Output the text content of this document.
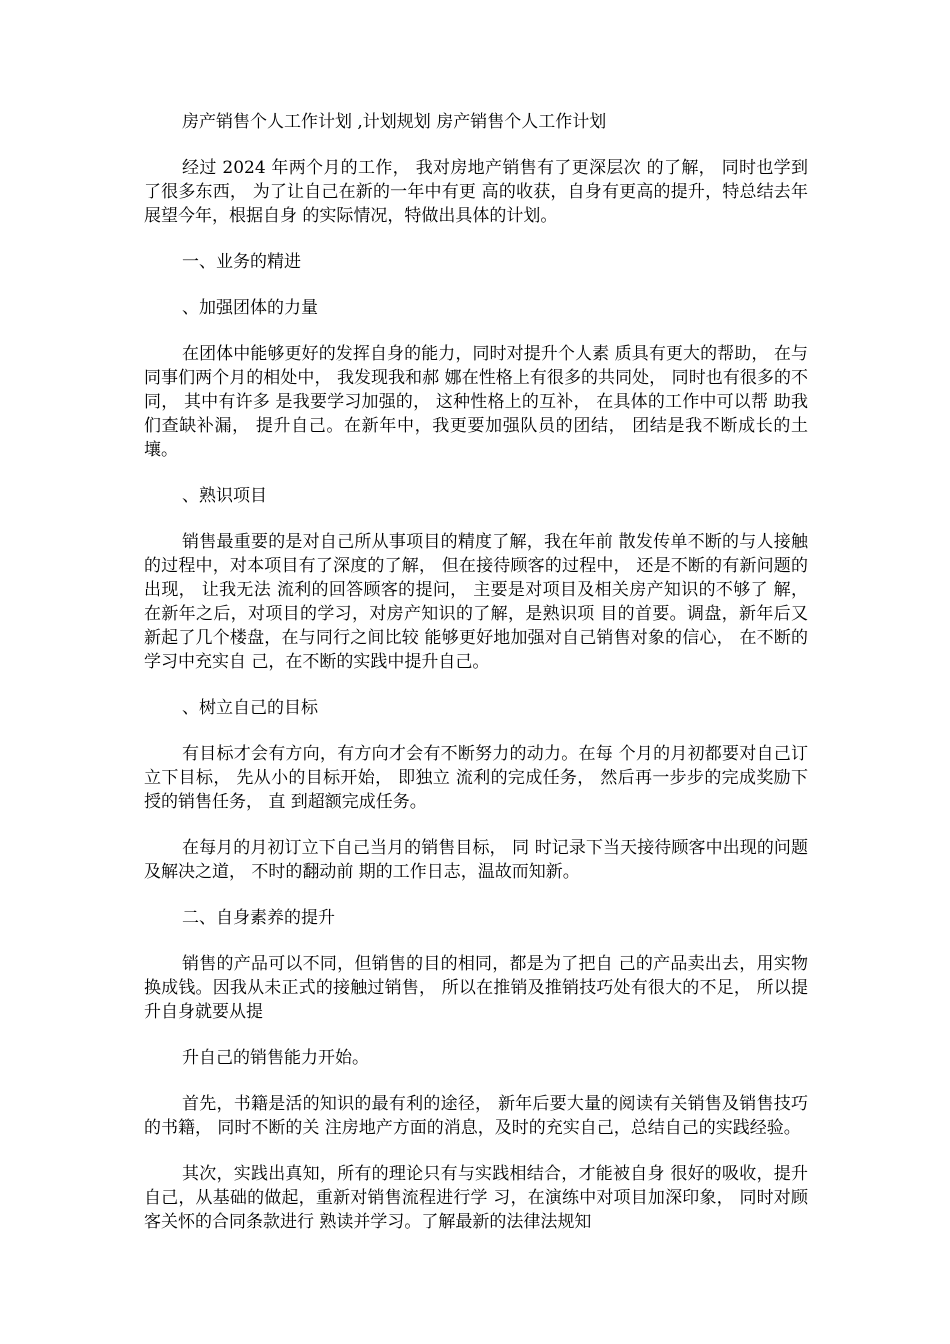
房产销售个人工作计划 ,计划规划 房产销售个人工作计划

经过 2024 年两个月的工作， 我对房地产销售有了更深层次 的了解， 同时也学到了很多东西， 为了让自己在新的一年中有更 高的收获，自身有更高的提升，特总结去年展望今年，根据自身 的实际情况，特做出具体的计划。

一、业务的精进

、加强团体的力量

在团体中能够更好的发挥自身的能力，同时对提升个人素 质具有更大的帮助， 在与同事们两个月的相处中， 我发现我和郝 娜在性格上有很多的共同处， 同时也有很多的不同， 其中有许多 是我要学习加强的， 这种性格上的互补， 在具体的工作中可以帮 助我们查缺补漏， 提升自己。在新年中，我更要加强队员的团结， 团结是我不断成长的土壤。

、熟识项目

销售最重要的是对自己所从事项目的精度了解，我在年前 散发传单不断的与人接触的过程中，对本项目有了深度的了解， 但在接待顾客的过程中， 还是不断的有新问题的出现， 让我无法 流利的回答顾客的提问， 主要是对项目及相关房产知识的不够了 解，在新年之后，对项目的学习，对房产知识的了解，是熟识项 目的首要。调盘，新年后又新起了几个楼盘，在与同行之间比较 能够更好地加强对自己销售对象的信心， 在不断的学习中充实自 己，在不断的实践中提升自己。

、树立自己的目标

有目标才会有方向，有方向才会有不断努力的动力。在每 个月的月初都要对自己订立下目标， 先从小的目标开始， 即独立 流利的完成任务， 然后再一步步的完成奖励下授的销售任务， 直 到超额完成任务。

在每月的月初订立下自己当月的销售目标， 同 时记录下当天接待顾客中出现的问题及解决之道， 不时的翻动前 期的工作日志，温故而知新。

二、自身素养的提升

销售的产品可以不同，但销售的目的相同，都是为了把自 己的产品卖出去，用实物换成钱。因我从未正式的接触过销售， 所以在推销及推销技巧处有很大的不足， 所以提升自身就要从提

升自己的销售能力开始。

首先，书籍是活的知识的最有利的途径， 新年后要大量的阅读有关销售及销售技巧的书籍， 同时不断的关 注房地产方面的消息，及时的充实自己，总结自己的实践经验。

其次，实践出真知，所有的理论只有与实践相结合，才能被自身 很好的吸收，提升自己，从基础的做起，重新对销售流程进行学 习，在演练中对项目加深印象， 同时对顾客关怀的合同条款进行 熟读并学习。了解最新的法律法规知
